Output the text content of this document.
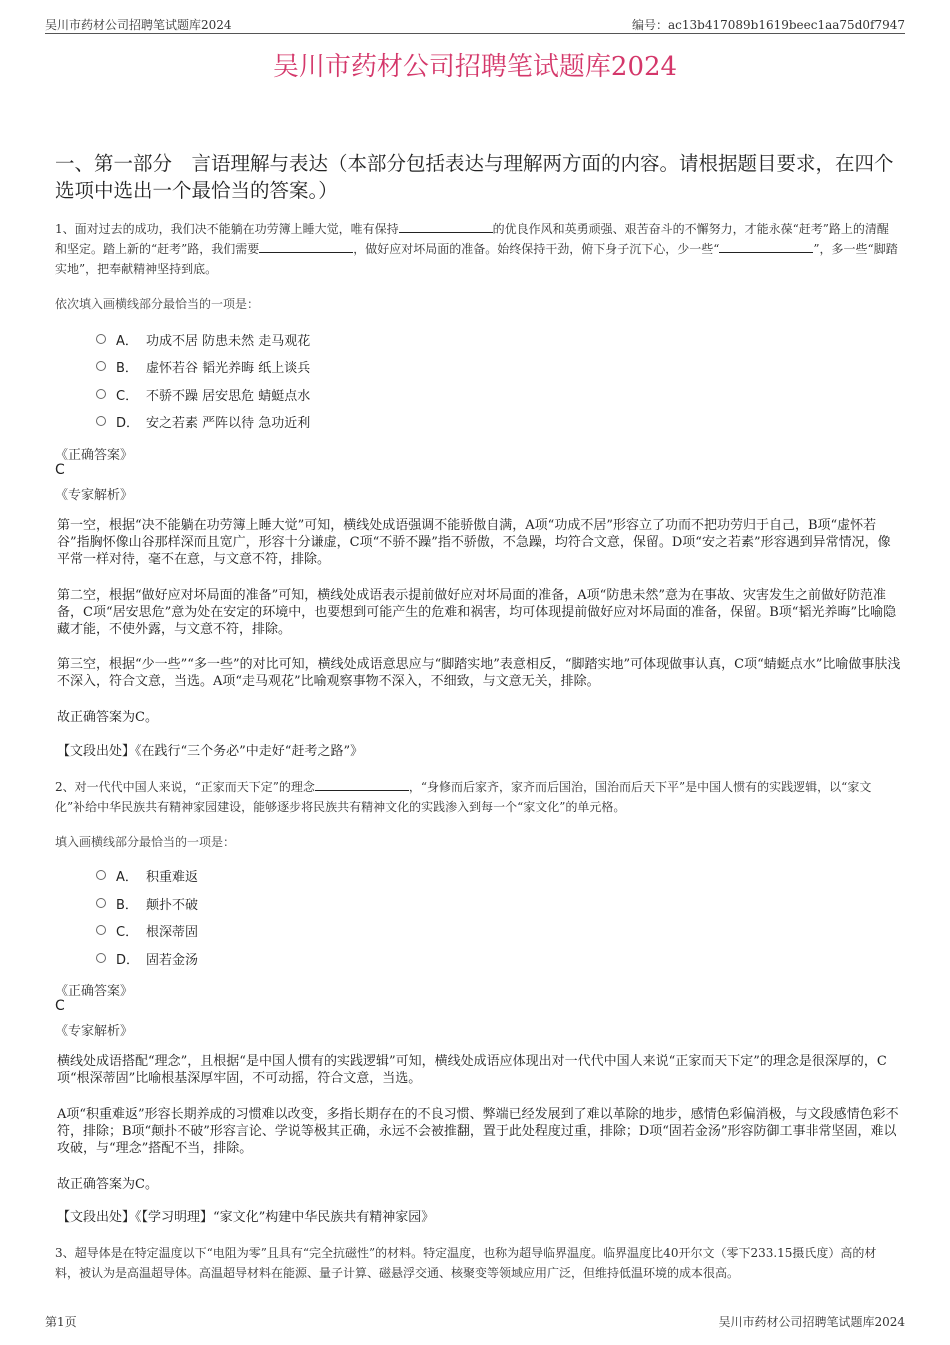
吴川市药材公司招聘笔试题库2024	编号：ac13b417089b1619beec1aa75d0f7947
吴川市药材公司招聘笔试题库2024
一、第一部分　言语理解与表达（本部分包括表达与理解两方面的内容。请根据题目要求，在四个选项中选出一个最恰当的答案。）
1、面对过去的成功，我们决不能躺在功劳簿上睡大觉，唯有保持	的优良作风和英勇顽强、艰苦奋斗的不懈努力，才能永葆“赶考”路上的清醒和坚定。踏上新的“赶考”路，我们需要	，做好应对坏局面的准备。始终保持干劲，俯下身子沉下心，少一些“	”，多一些“脚踏实地”，把奉献精神坚持到底。
依次填入画横线部分最恰当的一项是：
A． 功成不居 防患未然 走马观花
B． 虚怀若谷 韬光养晦 纸上谈兵
C． 不骄不躁 居安思危 蜻蜓点水
D． 安之若素 严阵以待 急功近利
《正确答案》
C
《专家解析》
第一空，根据“决不能躺在功劳簿上睡大觉”可知，横线处成语强调不能骄傲自满，A项“功成不居”形容立了功而不把功劳归于自己，B项“虚怀若谷”指胸怀像山谷那样深而且宽广，形容十分谦虚，C项“不骄不躁”指不骄傲，不急躁，均符合文意，保留。D项“安之若素”形容遇到异常情况，像平常一样对待，毫不在意，与文意不符，排除。
第二空，根据“做好应对坏局面的准备”可知，横线处成语表示提前做好应对坏局面的准备，A项“防患未然”意为在事故、灾害发生之前做好防范准备，C项“居安思危”意为处在安定的环境中，也要想到可能产生的危难和祸害，均可体现提前做好应对坏局面的准备，保留。B项“韬光养晦”比喻隐藏才能，不使外露，与文意不符，排除。
第三空，根据“少一些”“多一些”的对比可知，横线处成语意思应与“脚踏实地”表意相反，“脚踏实地”可体现做事认真，C项“蜻蜓点水”比喻做事肤浅不深入，符合文意，当选。A项“走马观花”比喻观察事物不深入，不细致，与文意无关，排除。
故正确答案为C。
【文段出处】《在践行“三个务必”中走好“赶考之路”》
2、对一代代中国人来说，“正家而天下定”的理念	，“身修而后家齐，家齐而后国治，国治而后天下平”是中国人惯有的实践逻辑，以“家文化”补给中华民族共有精神家园建设，能够逐步将民族共有精神文化的实践渗入到每一个“家文化”的单元格。
填入画横线部分最恰当的一项是：
A． 积重难返
B． 颠扑不破
C． 根深蒂固
D． 固若金汤
《正确答案》
C
《专家解析》
横线处成语搭配“理念”，且根据“是中国人惯有的实践逻辑”可知，横线处成语应体现出对一代代中国人来说“正家而天下定”的理念是很深厚的，C项“根深蒂固”比喻根基深厚牢固，不可动摇，符合文意，当选。
A项“积重难返”形容长期养成的习惯难以改变，多指长期存在的不良习惯、弊端已经发展到了难以革除的地步，感情色彩偏消极，与文段感情色彩不符，排除；B项“颠扑不破”形容言论、学说等极其正确，永远不会被推翻，置于此处程度过重，排除；D项“固若金汤”形容防御工事非常坚固，难以攻破，与“理念”搭配不当，排除。
故正确答案为C。
【文段出处】《【学习明理】“家文化”构建中华民族共有精神家园》
3、超导体是在特定温度以下“电阻为零”且具有“完全抗磁性”的材料。特定温度，也称为超导临界温度。临界温度比40开尔文（零下233.15摄氏度）高的材料，被认为是高温超导体。高温超导材料在能源、量子计算、磁悬浮交通、核聚变等领域应用广泛，但维持低温环境的成本很高。
第1页	吴川市药材公司招聘笔试题库2024
